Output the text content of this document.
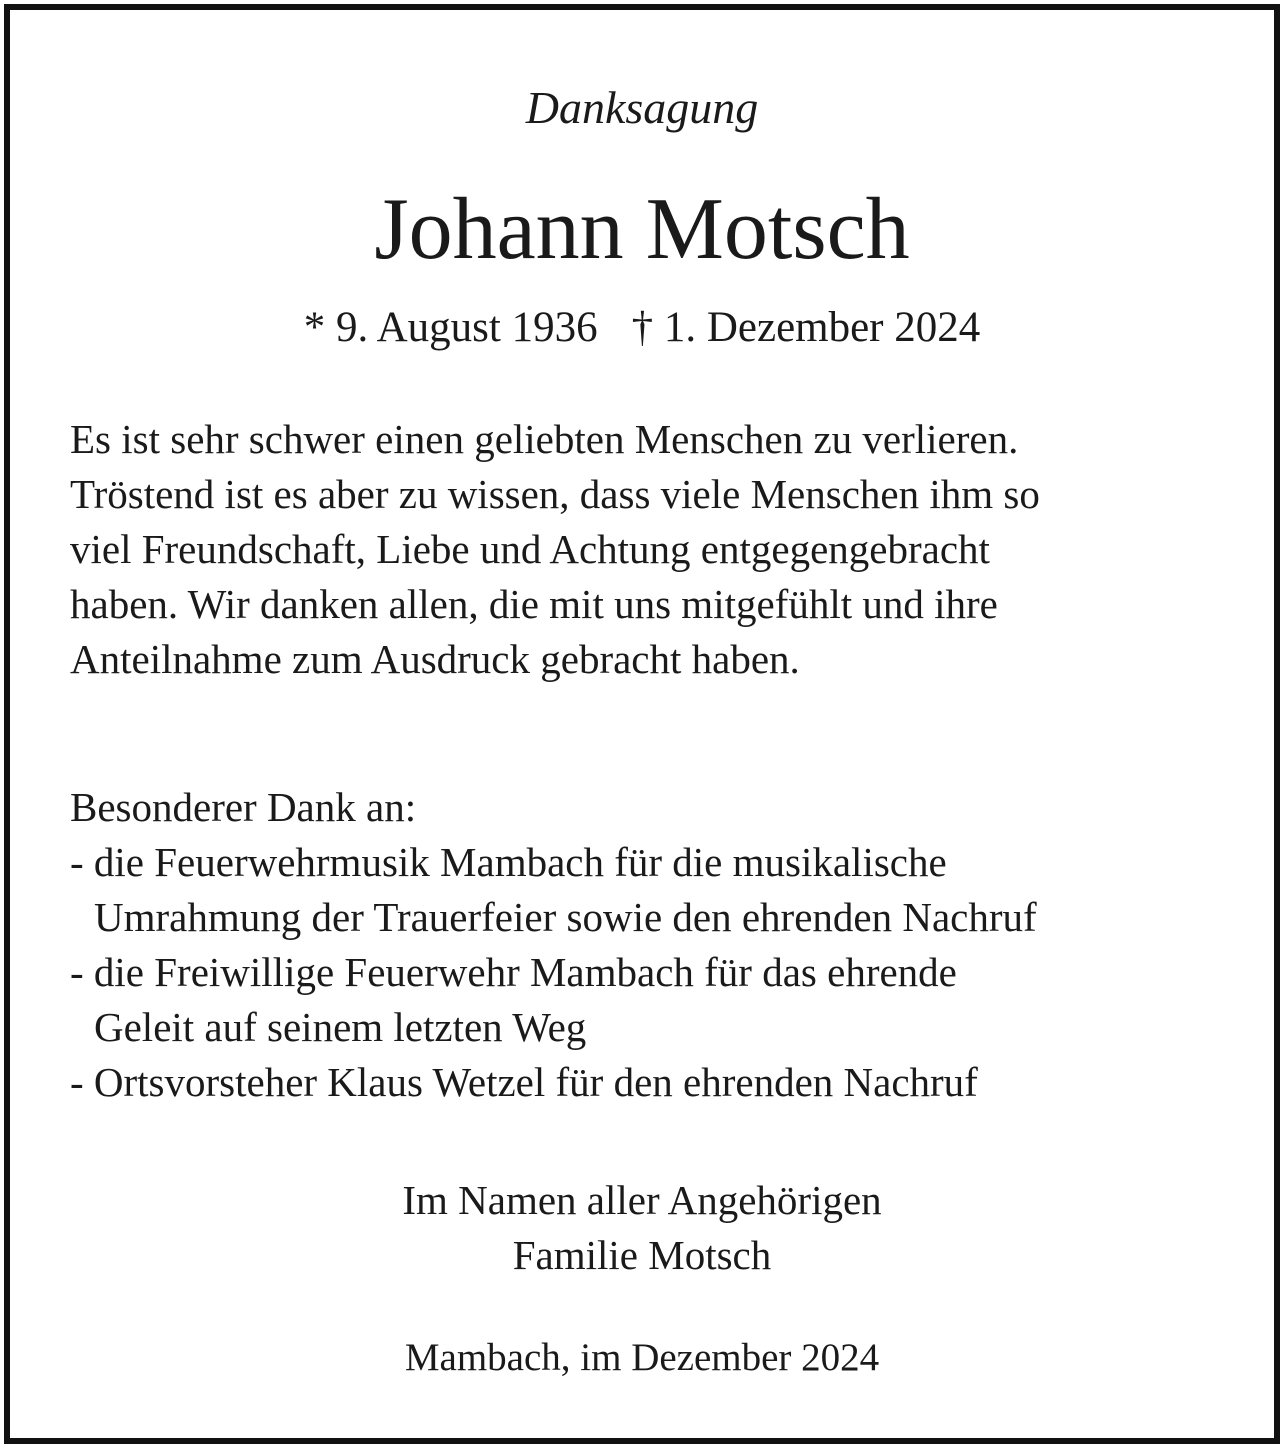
Danksagung
Johann Motsch
* 9. August 1936 † 1. Dezember 2024

Es ist sehr schwer einen geliebten Menschen zu verlieren.

Tröstend ist es aber zu wissen, dass viele Menschen ihm so

viel Freundschaft, Liebe und Achtung entgegengebracht

haben. Wir danken allen, die mit uns mitgefühlt und ihre

Anteilnahme zum Ausdruck gebracht haben.

Besonderer Dank an:
- die Feuerwehrmusik Mambach für die musikalische
Umrahmung der Trauerfeier sowie den ehrenden Nachruf
- die Freiwillige Feuerwehr Mambach für das ehrende
Geleit auf seinem letzten Weg
- Ortsvorsteher Klaus Wetzel für den ehrenden Nachruf
Im Namen aller Angehörigen
Familie Motsch
Mambach, im Dezember 2024
